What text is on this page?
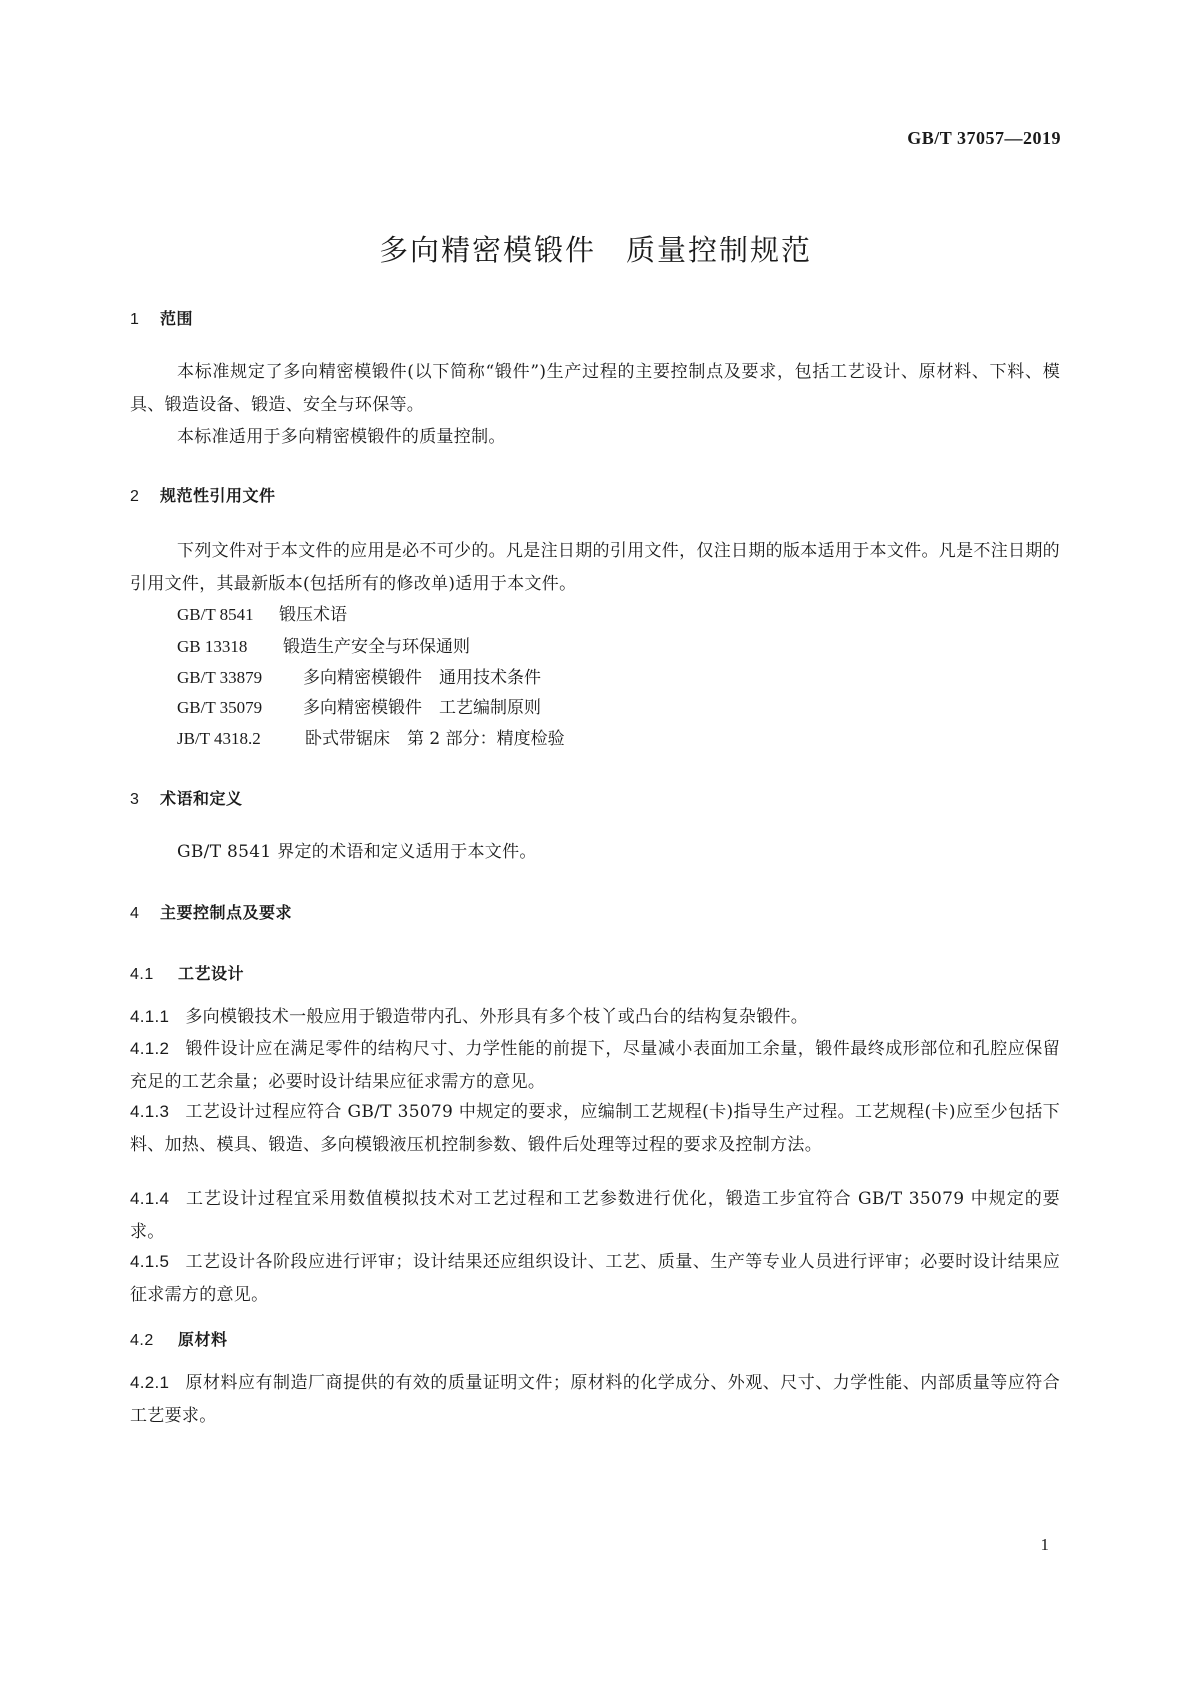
GB/T 37057—2019
多向精密模锻件 质量控制规范
1 范围
本标准规定了多向精密模锻件(以下简称“锻件”)生产过程的主要控制点及要求，包括工艺设计、原材料、下料、模具、锻造设备、锻造、安全与环保等。
本标准适用于多向精密模锻件的质量控制。
2 规范性引用文件
下列文件对于本文件的应用是必不可少的。凡是注日期的引用文件，仅注日期的版本适用于本文件。凡是不注日期的引用文件，其最新版本(包括所有的修改单)适用于本文件。
GB/T 8541 锻压术语
GB 13318 锻造生产安全与环保通则
GB/T 33879 多向精密模锻件　通用技术条件
GB/T 35079 多向精密模锻件　工艺编制原则
JB/T 4318.2	卧式带锯床　第 2 部分：精度检验
3 术语和定义
GB/T 8541 界定的术语和定义适用于本文件。
4 主要控制点及要求
4.1 工艺设计
4.1.1 多向模锻技术一般应用于锻造带内孔、外形具有多个枝丫或凸台的结构复杂锻件。
4.1.2 锻件设计应在满足零件的结构尺寸、力学性能的前提下，尽量减小表面加工余量，锻件最终成形部位和孔腔应保留充足的工艺余量；必要时设计结果应征求需方的意见。
4.1.3 工艺设计过程应符合 GB/T 35079 中规定的要求，应编制工艺规程(卡)指导生产过程。工艺规程(卡)应至少包括下料、加热、模具、锻造、多向模锻液压机控制参数、锻件后处理等过程的要求及控制方法。
4.1.4 工艺设计过程宜采用数值模拟技术对工艺过程和工艺参数进行优化，锻造工步宜符合 GB/T 35079 中规定的要求。
4.1.5 工艺设计各阶段应进行评审；设计结果还应组织设计、工艺、质量、生产等专业人员进行评审；必要时设计结果应征求需方的意见。
4.2 原材料
4.2.1 原材料应有制造厂商提供的有效的质量证明文件；原材料的化学成分、外观、尺寸、力学性能、内部质量等应符合工艺要求。
1
